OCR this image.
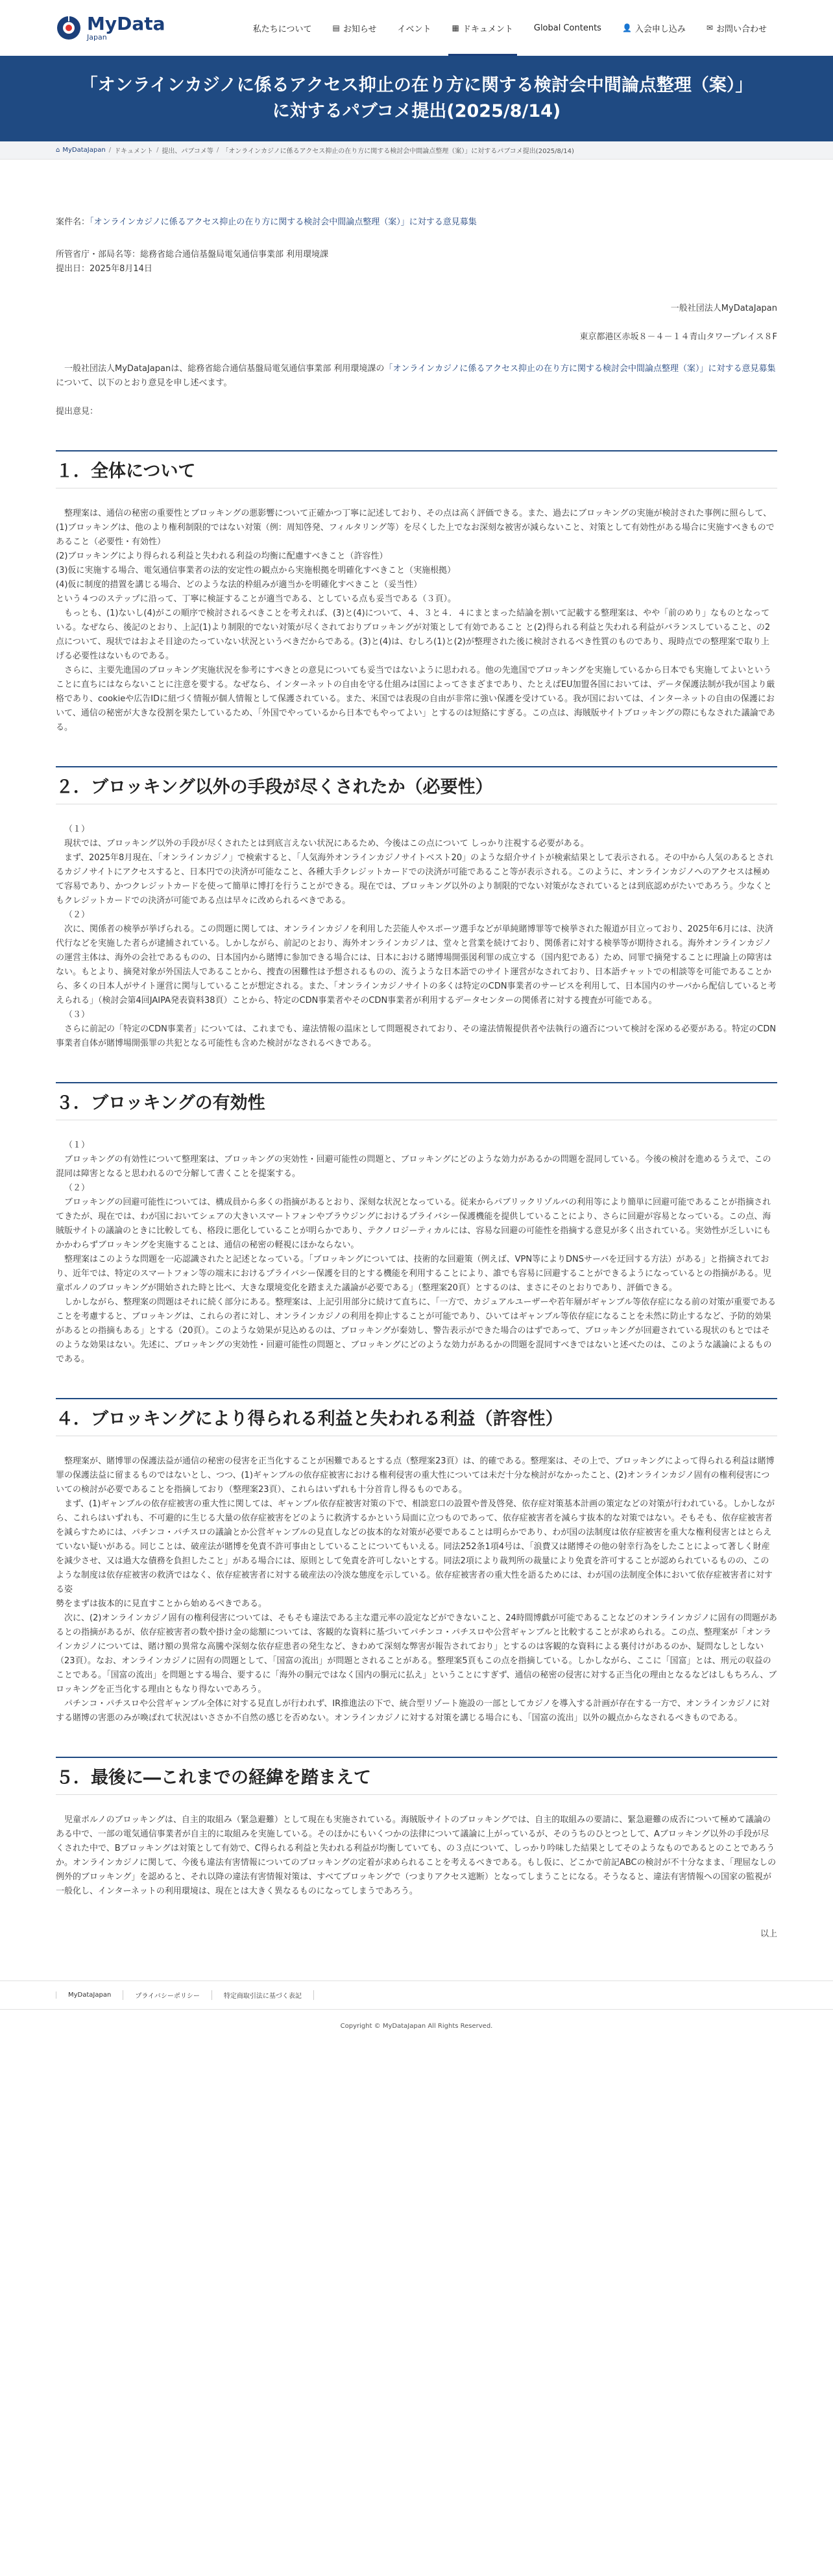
MyData
Japan
私たちについて	▤ お知らせ イベント	▦ ドキュメント Global Contents	👤 入会申し込み	✉ お問い合わせ
「オンラインカジノに係るアクセス抑止の在り方に関する検討会中間論点整理（案）」に対するパブコメ提出(2025/8/14)
⌂ MyDataJapan / ドキュメント / 提出、パブコメ等 / 「オンラインカジノに係るアクセス抑止の在り方に関する検討会中間論点整理（案）」に対するパブコメ提出(2025/8/14)

案件名：「オンラインカジノに係るアクセス抑止の在り方に関する検討会中間論点整理（案）」に対する意見募集

所管省庁・部局名等：総務省総合通信基盤局電気通信事業部 利用環境課

提出日：2025年8月14日

一般社団法人MyDataJapan

東京都港区赤坂８－４－１４青山タワープレイス８F

一般社団法人MyDataJapanは、総務省総合通信基盤局電気通信事業部 利用環境課の「オンラインカジノに係るアクセス抑止の在り方に関する検討会中間論点整理（案）」に対する意見募集について、以下のとおり意見を申し述べます。

提出意見：

１．全体について

整理案は、通信の秘密の重要性とブロッキングの悪影響について正確かつ丁寧に記述しており、その点は高く評価できる。また、過去にブロッキングの実施が検討された事例に照らして、

(1)ブロッキングは、他のより権利制限的ではない対策（例：周知啓発、フィルタリング等）を尽くした上でなお深刻な被害が減らないこと、対策として有効性がある場合に実施すべきものであること（必要性・有効性）

(2)ブロッキングにより得られる利益と失われる利益の均衡に配慮すべきこと（許容性）

(3)仮に実施する場合、電気通信事業者の法的安定性の観点から実施根拠を明確化すべきこと（実施根拠）

(4)仮に制度的措置を講じる場合、どのような法的枠組みが適当かを明確化すべきこと（妥当性）

という４つのステップに沿って、丁寧に検証することが適当である、としている点も妥当である（３頁）。

もっとも、(1)ないし(4)がこの順序で検討されるべきことを考えれば、(3)と(4)について、４、３と４．４にまとまった結論を割いて記載する整理案は、やや「前のめり」なものとなっている。なぜなら、後記のとおり、上記(1)より制限的でない対策が尽くされておりブロッキングが対策として有効であること と(2)得られる利益と失われる利益がバランスしていること、の2点について、現状ではおよそ目途のたっていない状況というべきだからである。(3)と(4)は、むしろ(1)と(2)が整理された後に検討されるべき性質のものであり、現時点での整理案で取り上げる必要性はないものである。

さらに、主要先進国のブロッキング実施状況を参考にすべきとの意見についても妥当ではないように思われる。他の先進国でブロッキングを実施しているから日本でも実施してよいということに直ちにはならないことに注意を要する。なぜなら、インターネットの自由を守る仕組みは国によってさまざまであり、たとえばEU加盟各国においては、データ保護法制が我が国より厳格であり、cookieや広告IDに紐づく情報が個人情報として保護されている。また、米国では表現の自由が非常に強い保護を受けている。我が国においては、インターネットの自由の保護において、通信の秘密が大きな役割を果たしているため、「外国でやっているから日本でもやってよい」とするのは短絡にすぎる。この点は、海賊版サイトブロッキングの際にもなされた議論である。

２．ブロッキング以外の手段が尽くされたか（必要性）

（１）

現状では、ブロッキング以外の手段が尽くされたとは到底言えない状況にあるため、今後はこの点について しっかり注視する必要がある。

まず、2025年8月現在、「オンラインカジノ」で検索すると、「人気海外オンラインカジノサイトベスト20」のような紹介サイトが検索結果として表示される。その中から人気のあるとされるカジノサイトにアクセスすると、日本円での決済が可能なこと、各種大手クレジットカードでの決済が可能であること等が表示される。このように、オンラインカジノへのアクセスは極めて容易であり、かつクレジットカードを使って簡単に博打を行うことができる。現在では、ブロッキング以外のより制限的でない対策がなされているとは到底認めがたいであろう。少なくともクレジットカードでの決済が可能である点は早々に改められるべきである。

（２）

次に、関係者の検挙が挙げられる。この問題に関しては、オンラインカジノを利用した芸能人やスポーツ選手などが単純賭博罪等で検挙された報道が目立っており、2025年6月には、決済代行などを実施した者らが逮捕されている。しかしながら、前記のとおり、海外オンラインカジノは、堂々と営業を続けており、関係者に対する検挙等が期待される。海外オンラインカジノの運営主体は、海外の会社であるものの、日本国内から賭博に参加できる場合には、日本における賭博場開張図利罪の成立する（国内犯である）ため、同罪で摘発することに理論上の障害はない。もとより、摘発対象が外国法人であることから、捜査の困難性は予想されるものの、流うような日本語でのサイト運営がなされており、日本語チャットでの相談等を可能であることから、多くの日本人がサイト運営に関与していることが想定される。また、「オンラインカジノサイトの多くは特定のCDN事業者のサービスを利用して、日本国内のサーバから配信していると考えられる」（検討会第4回JAIPA発表資料38頁）ことから、特定のCDN事業者やそのCDN事業者が利用するデータセンターの関係者に対する捜査が可能である。

（３）

さらに前記の「特定のCDN事業者」については、これまでも、違法情報の温床として問題視されており、その違法情報提供者や法執行の適否について検討を深める必要がある。特定のCDN事業者自体が賭博場開張罪の共犯となる可能性も含めた検討がなされるべきである。

３．ブロッキングの有効性

（１）

ブロッキングの有効性について整理案は、ブロッキングの実効性・回避可能性の問題と、ブロッキングにどのような効力があるかの問題を混同している。今後の検討を進めるうえで、この混同は障害となると思われるので分解して書くことを提案する。

（２）

ブロッキングの回避可能性については、構成員から多くの指摘があるとおり、深刻な状況となっている。従来からパブリックリゾルバの利用等により簡単に回避可能であることが指摘されてきたが、現在では、わが国においてシェアの大きいスマートフォンやブラウジングにおけるプライバシー保護機能を提供していることにより、さらに回避が容易となっている。この点、海賊版サイトの議論のときに比較しても、格段に悪化していることが明らかであり、テクノロジーティカルには、容易な回避の可能性を指摘する意見が多く出されている。実効性が乏しいにもかかわらずブロッキングを実施することは、通信の秘密の軽視にほかならない。

整理案はこのような問題を一応認識されたと記述となっている。「ブロッキングについては、技術的な回避策（例えば、VPN等によりDNSサーバを迂回する方法）がある」と指摘されており、近年では、特定のスマートフォン等の端末におけるプライバシー保護を目的とする機能を利用することにより、誰でも容易に回避することができるようになっているとの指摘がある。児童ポルノのブロッキングが開始された時と比べ、大きな環境変化を踏まえた議論が必要である」（整理案20頁）とするのは、まさにそのとおりであり、評価できる。

しかしながら、整理案の問題はそれに続く部分にある。整理案は、上記引用部分に続けて直ちに、「一方で、カジュアルユーザーや若年層がギャンブル等依存症になる前の対策が重要であることを考慮すると、ブロッキングは、これらの者に対し、オンラインカジノの利用を抑止することが可能であり、ひいてはギャンブル等依存症になることを未然に防止するなど、予防的効果があるとの指摘もある」とする（20頁）。このような効果が見込めるのは、ブロッキングが秦効し、警告表示ができた場合のはずであって、ブロッキングが回避されている現状のもとではそのような効果はない。先述に、ブロッキングの実効性・回避可能性の問題と、ブロッキングにどのような効力があるかの問題を混同すべきではないと述べたのは、このような議論によるものである。

４．ブロッキングにより得られる利益と失われる利益（許容性）

整理案が、賭博罪の保護法益が通信の秘密の侵害を正当化することが困難であるとする点（整理案23頁）は、的確である。整理案は、その上で、ブロッキングによって得られる利益は賭博罪の保護法益に留まるものではないとし、つつ、(1)ギャンブルの依存症被害における権利侵害の重大性については未だ十分な検討がなかったこと、(2)オンラインカジノ固有の権利侵害についての検討が必要であることを指摘しており（整理案23頁）、これらはいずれも十分首肯し得るものである。

まず、(1)ギャンブルの依存症被害の重大性に関しては、ギャンブル依存症被害対策の下で、相談窓口の設置や普及啓発、依存症対策基本計画の策定などの対策が行われている。しかしながら、これらはいずれも、不可避的に生じる大量の依存症被害をどのように救済するかという局面に立つものであって、依存症被害者を減らす抜本的な対策ではない。そもそも、依存症被害者を減らすためには、パチンコ・パチスロの議論とか公営ギャンブルの見直しなどの抜本的な対策が必要であることは明らかであり、わが国の法制度は依存症被害を重大な権利侵害とはとらえていない疑いがある。同じことは、破産法が賭博を免責不許可事由としていることについてもいえる。同法252条1項4号は、「浪費又は賭博その他の射幸行為をしたことによって著しく財産を減少させ、又は過大な債務を負担したこと」がある場合には、原則として免責を許可しないとする。同法2項により裁判所の裁量により免責を許可することが認められているものの、このような制度は依存症被害の救済ではなく、依存症被害者に対する破産法の冷淡な態度を示している。依存症被害者の重大性を語るためには、わが国の法制度全体において依存症被害者に対する姿

勢をまずは抜本的に見直すことから始めるべきである。

次に、(2)オンラインカジノ固有の権利侵害については、そもそも違法である主な還元率の設定などができないこと、24時間博戯が可能であることなどのオンラインカジノに固有の問題があるとの指摘があるが、依存症被害者の数や掛け金の総額については、客観的な資料に基づいてパチンコ・パチスロや公営ギャンブルと比較することが求められる。この点、整理案が「オンラインカジノについては、賭け額の異常な高騰や深刻な依存症患者の発生など、きわめて深刻な弊害が報告されており」とするのは客観的な資料による裏付けがあるのか、疑問なしとしない（23頁）。なお、オンラインカジノに固有の問題として、「国富の流出」が問題とされることがある。整理案5頁もこの点を指摘している。しかしながら、ここに「国富」とは、刑元の収益のことである。「国富の流出」を問題とする場合、要するに「海外の胴元ではなく国内の胴元に払え」ということにすぎず、通信の秘密の侵害に対する正当化の理由となるなどはしもちろん、ブロッキングを正当化する理由ともなり得ないであろう。

パチンコ・パチスロや公営ギャンブル全体に対する見直しが行われず、IR推進法の下で、統合型リゾート施設の一部としてカジノを導入する計画が存在する一方で、オンラインカジノに対する賭博の害悪のみが喚ばれて状況はいささか不自然の感じを否めない。オンラインカジノに対する対策を講じる場合にも、「国富の流出」以外の観点からなされるべきものである。

５．最後に―これまでの経緯を踏まえて

児童ポルノのブロッキングは、自主的取組み（緊急避難）として現在も実施されている。海賊版サイトのブロッキングでは、自主的取組みの要請に、緊急避難の成否について極めて議論のある中で、一部の電気通信事業者が自主的に取組みを実施している。そのほかにもいくつかの法律について議論に上がっているが、そのうちのひとつとして、Aブロッキング以外の手段が尽くされた中で、Bブロッキングは対策として有効で、C得られる利益と失われる利益が均衡していても、の３点について、しっかり吟味した結果としてそのようなものであるとのことであろうか。オンラインカジノに関して、今後も違法有害情報についてのブロッキングの定着が求められることを考えるべきである。もし仮に、どこかで前記ABCの検討が不十分なまま、「理屈なしの例外的ブロッキング」を認めると、それ以降の違法有害情報対策は、すべてブロッキングで（つまりアクセス遮断）となってしまうことになる。そうなると、違法有害情報への国家の監視が一般化し、インターネットの利用環境は、現在とは大きく異なるものになってしまうであろう。

以上

MyDataJapan	プライバシーポリシー	特定商取引法に基づく表記
Copyright © MyDataJapan All Rights Reserved.
